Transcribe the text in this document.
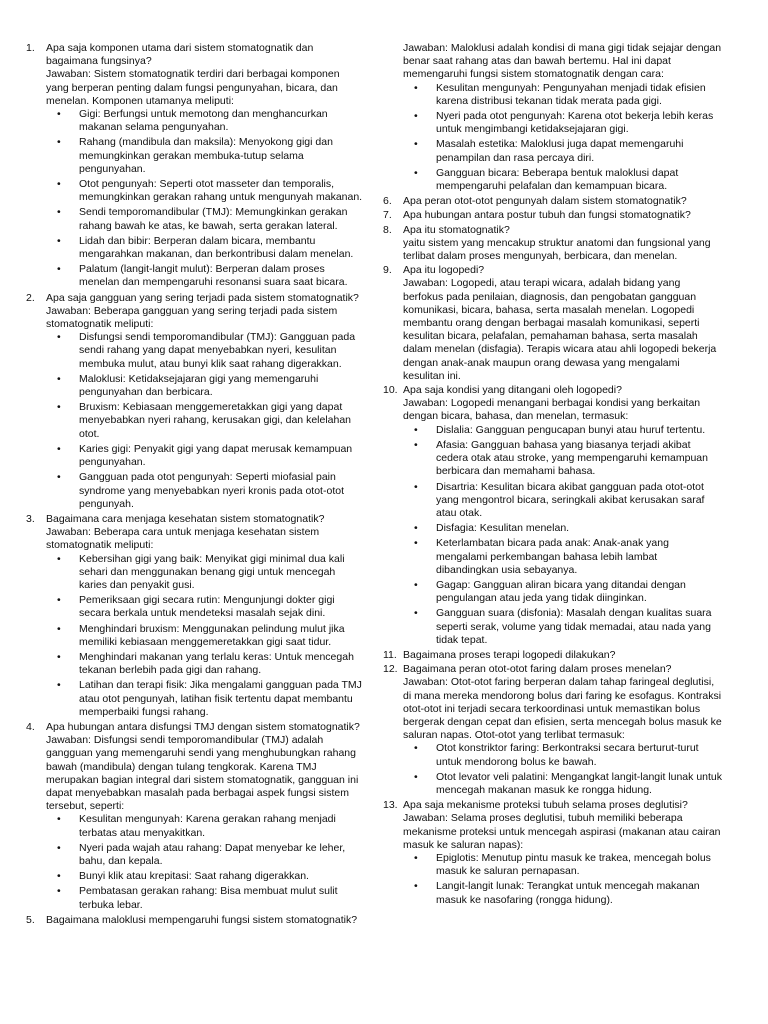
1. Apa saja komponen utama dari sistem stomatognatik dan bagaimana fungsinya?
Jawaban: Sistem stomatognatik terdiri dari berbagai komponen yang berperan penting dalam fungsi pengunyahan, bicara, dan menelan. Komponen utamanya meliputi:
• Gigi: Berfungsi untuk memotong dan menghancurkan makanan selama pengunyahan.
• Rahang (mandibula dan maksila): Menyokong gigi dan memungkinkan gerakan membuka-tutup selama pengunyahan.
• Otot pengunyah: Seperti otot masseter dan temporalis, memungkinkan gerakan rahang untuk mengunyah makanan.
• Sendi temporomandibular (TMJ): Memungkinkan gerakan rahang bawah ke atas, ke bawah, serta gerakan lateral.
• Lidah dan bibir: Berperan dalam bicara, membantu mengarahkan makanan, dan berkontribusi dalam menelan.
• Palatum (langit-langit mulut): Berperan dalam proses menelan dan mempengaruhi resonansi suara saat bicara.
2. Apa saja gangguan yang sering terjadi pada sistem stomatognatik?
Jawaban: Beberapa gangguan yang sering terjadi pada sistem stomatognatik meliputi:
• Disfungsi sendi temporomandibular (TMJ): Gangguan pada sendi rahang yang dapat menyebabkan nyeri, kesulitan membuka mulut, atau bunyi klik saat rahang digerakkan.
• Maloklusi: Ketidaksejajaran gigi yang memengaruhi pengunyahan dan berbicara.
• Bruxism: Kebiasaan menggemeretakkan gigi yang dapat menyebabkan nyeri rahang, kerusakan gigi, dan kelelahan otot.
• Karies gigi: Penyakit gigi yang dapat merusak kemampuan pengunyahan.
• Gangguan pada otot pengunyah: Seperti miofasial pain syndrome yang menyebabkan nyeri kronis pada otot-otot pengunyah.
3. Bagaimana cara menjaga kesehatan sistem stomatognatik?
Jawaban: Beberapa cara untuk menjaga kesehatan sistem stomatognatik meliputi:
• Kebersihan gigi yang baik: Menyikat gigi minimal dua kali sehari dan menggunakan benang gigi untuk mencegah karies dan penyakit gusi.
• Pemeriksaan gigi secara rutin: Mengunjungi dokter gigi secara berkala untuk mendeteksi masalah sejak dini.
• Menghindari bruxism: Menggunakan pelindung mulut jika memiliki kebiasaan menggemeretakkan gigi saat tidur.
• Menghindari makanan yang terlalu keras: Untuk mencegah tekanan berlebih pada gigi dan rahang.
• Latihan dan terapi fisik: Jika mengalami gangguan pada TMJ atau otot pengunyah, latihan fisik tertentu dapat membantu memperbaiki fungsi rahang.
4. Apa hubungan antara disfungsi TMJ dengan sistem stomatognatik?
Jawaban: Disfungsi sendi temporomandibular (TMJ) adalah gangguan yang memengaruhi sendi yang menghubungkan rahang bawah (mandibula) dengan tulang tengkorak. Karena TMJ merupakan bagian integral dari sistem stomatognatik, gangguan ini dapat menyebabkan masalah pada berbagai aspek fungsi sistem tersebut, seperti:
• Kesulitan mengunyah: Karena gerakan rahang menjadi terbatas atau menyakitkan.
• Nyeri pada wajah atau rahang: Dapat menyebar ke leher, bahu, dan kepala.
• Bunyi klik atau krepitasi: Saat rahang digerakkan.
• Pembatasan gerakan rahang: Bisa membuat mulut sulit terbuka lebar.
5. Bagaimana maloklusi mempengaruhi fungsi sistem stomatognatik?
Jawaban: Maloklusi adalah kondisi di mana gigi tidak sejajar dengan benar saat rahang atas dan bawah bertemu. Hal ini dapat memengaruhi fungsi sistem stomatognatik dengan cara:
• Kesulitan mengunyah: Pengunyahan menjadi tidak efisien karena distribusi tekanan tidak merata pada gigi.
• Nyeri pada otot pengunyah: Karena otot bekerja lebih keras untuk mengimbangi ketidaksejajaran gigi.
• Masalah estetika: Maloklusi juga dapat memengaruhi penampilan dan rasa percaya diri.
• Gangguan bicara: Beberapa bentuk maloklusi dapat mempengaruhi pelafalan dan kemampuan bicara.
6. Apa peran otot-otot pengunyah dalam sistem stomatognatik?
7. Apa hubungan antara postur tubuh dan fungsi stomatognatik?
8. Apa itu stomatognatik?
yaitu sistem yang mencakup struktur anatomi dan fungsional yang terlibat dalam proses mengunyah, berbicara, dan menelan.
9. Apa itu logopedi?
Jawaban: Logopedi, atau terapi wicara, adalah bidang yang berfokus pada penilaian, diagnosis, dan pengobatan gangguan komunikasi, bicara, bahasa, serta masalah menelan. Logopedi membantu orang dengan berbagai masalah komunikasi, seperti kesulitan bicara, pelafalan, pemahaman bahasa, serta masalah dalam menelan (disfagia). Terapis wicara atau ahli logopedi bekerja dengan anak-anak maupun orang dewasa yang mengalami kesulitan ini.
10. Apa saja kondisi yang ditangani oleh logopedi?
Jawaban: Logopedi menangani berbagai kondisi yang berkaitan dengan bicara, bahasa, dan menelan, termasuk:
• Dislalia: Gangguan pengucapan bunyi atau huruf tertentu.
• Afasia: Gangguan bahasa yang biasanya terjadi akibat cedera otak atau stroke, yang mempengaruhi kemampuan berbicara dan memahami bahasa.
• Disartria: Kesulitan bicara akibat gangguan pada otot-otot yang mengontrol bicara, seringkali akibat kerusakan saraf atau otak.
• Disfagia: Kesulitan menelan.
• Keterlambatan bicara pada anak: Anak-anak yang mengalami perkembangan bahasa lebih lambat dibandingkan usia sebayanya.
• Gagap: Gangguan aliran bicara yang ditandai dengan pengulangan atau jeda yang tidak diinginkan.
• Gangguan suara (disfonia): Masalah dengan kualitas suara seperti serak, volume yang tidak memadai, atau nada yang tidak tepat.
11. Bagaimana proses terapi logopedi dilakukan?
12. Bagaimana peran otot-otot faring dalam proses menelan?
Jawaban: Otot-otot faring berperan dalam tahap faringeal deglutisi, di mana mereka mendorong bolus dari faring ke esofagus. Kontraksi otot-otot ini terjadi secara terkoordinasi untuk memastikan bolus bergerak dengan cepat dan efisien, serta mencegah bolus masuk ke saluran napas. Otot-otot yang terlibat termasuk:
• Otot konstriktor faring: Berkontraksi secara berturut-turut untuk mendorong bolus ke bawah.
• Otot levator veli palatini: Mengangkat langit-langit lunak untuk mencegah makanan masuk ke rongga hidung.
13. Apa saja mekanisme proteksi tubuh selama proses deglutisi?
Jawaban: Selama proses deglutisi, tubuh memiliki beberapa mekanisme proteksi untuk mencegah aspirasi (makanan atau cairan masuk ke saluran napas):
• Epiglotis: Menutup pintu masuk ke trakea, mencegah bolus masuk ke saluran pernapasan.
• Langit-langit lunak: Terangkat untuk mencegah makanan masuk ke nasofaring (rongga hidung).
